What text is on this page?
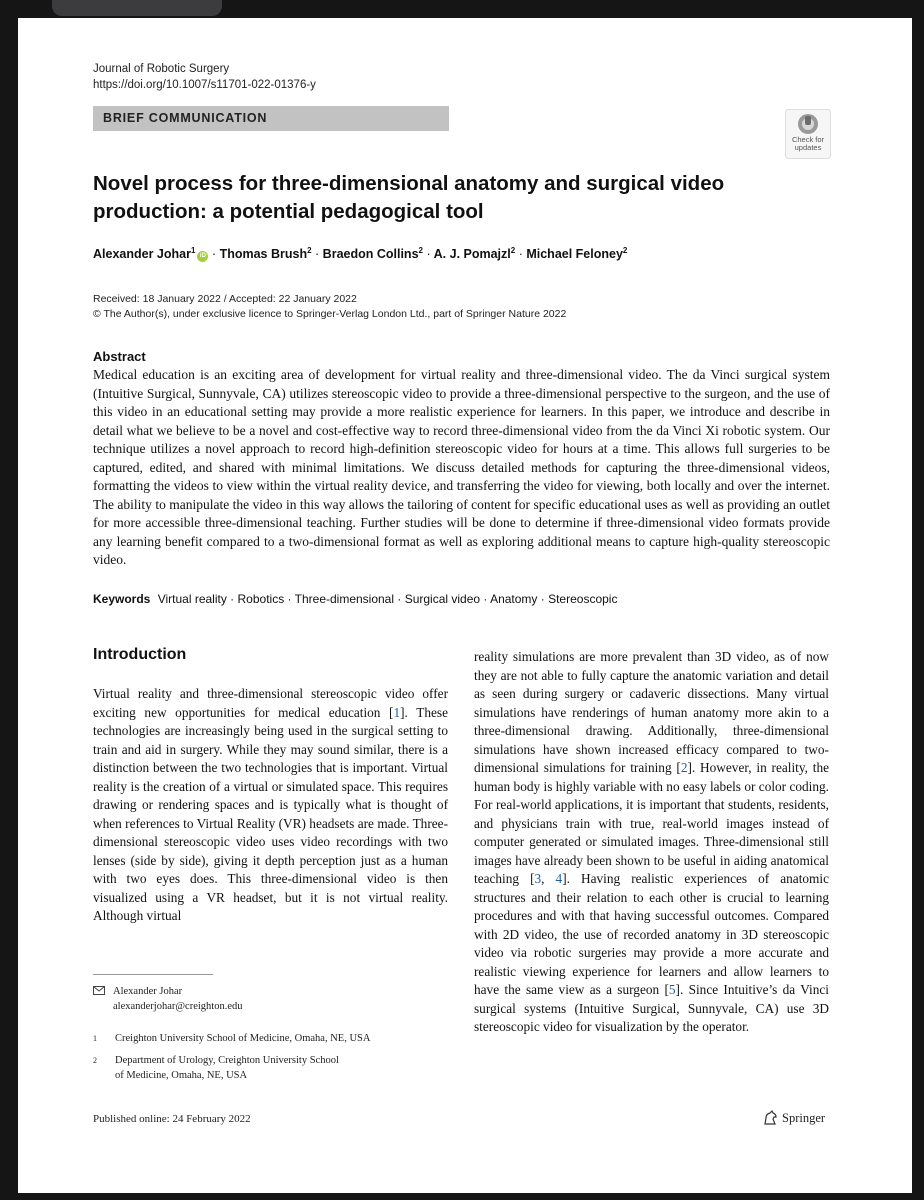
Journal of Robotic Surgery
https://doi.org/10.1007/s11701-022-01376-y
BRIEF COMMUNICATION
Check for
updates
Novel process for three-dimensional anatomy and surgical video production: a potential pedagogical tool
Alexander Johar$^1$iD · Thomas Brush$^2$ · Braedon Collins$^2$ · A. J. Pomajzl$^2$ · Michael Feloney$^2$
Received: 18 January 2022 / Accepted: 22 January 2022
© The Author(s), under exclusive licence to Springer-Verlag London Ltd., part of Springer Nature 2022
Abstract

Medical education is an exciting area of development for virtual reality and three-dimensional video. The da Vinci surgical system (Intuitive Surgical, Sunnyvale, CA) utilizes stereoscopic video to provide a three-dimensional perspective to the surgeon, and the use of this video in an educational setting may provide a more realistic experience for learners. In this paper, we introduce and describe in detail what we believe to be a novel and cost-effective way to record three-dimensional video from the da Vinci Xi robotic system. Our technique utilizes a novel approach to record high-definition stereoscopic video for hours at a time. This allows full surgeries to be captured, edited, and shared with minimal limitations. We discuss detailed methods for capturing the three-dimensional videos, formatting the videos to view within the virtual reality device, and transferring the video for viewing, both locally and over the internet. The ability to manipulate the video in this way allows the tailoring of content for specific educational uses as well as providing an outlet for more accessible three-dimensional teaching. Further studies will be done to determine if three-dimensional video formats provide any learning benefit compared to a two-dimensional format as well as exploring additional means to capture high-quality stereoscopic video.

Keywords Virtual reality · Robotics · Three-dimensional · Surgical video · Anatomy · Stereoscopic
Introduction

Virtual reality and three-dimensional stereoscopic video offer exciting new opportunities for medical education [1]. These technologies are increasingly being used in the surgical setting to train and aid in surgery. While they may sound similar, there is a distinction between the two technologies that is important. Virtual reality is the creation of a virtual or simulated space. This requires drawing or rendering spaces and is typically what is thought of when references to Virtual Reality (VR) headsets are made. Three-dimensional stereoscopic video uses video recordings with two lenses (side by side), giving it depth perception just as a human with two eyes does. This three-dimensional video is then visualized using a VR headset, but it is not virtual reality. Although virtual

reality simulations are more prevalent than 3D video, as of now they are not able to fully capture the anatomic variation and detail as seen during surgery or cadaveric dissections. Many virtual simulations have renderings of human anatomy more akin to a three-dimensional drawing. Additionally, three-dimensional simulations have shown increased efficacy compared to two-dimensional simulations for training [2]. However, in reality, the human body is highly variable with no easy labels or color coding. For real-world applications, it is important that students, residents, and physicians train with true, real-world images instead of computer generated or simulated images. Three-dimensional still images have already been shown to be useful in aiding anatomical teaching [3, 4]. Having realistic experiences of anatomic structures and their relation to each other is crucial to learning procedures and with that having successful outcomes. Compared with 2D video, the use of recorded anatomy in 3D stereoscopic video via robotic surgeries may provide a more accurate and realistic viewing experience for learners and allow learners to have the same view as a surgeon [5]. Since Intuitive’s da Vinci surgical systems (Intuitive Surgical, Sunnyvale, CA) use 3D stereoscopic video for visualization by the operator.

Alexander Johar
alexanderjohar@creighton.edu
1 Creighton University School of Medicine, Omaha, NE, USA
2 Department of Urology, Creighton University School
of Medicine, Omaha, NE, USA
Published online: 24 February 2022	Springer
